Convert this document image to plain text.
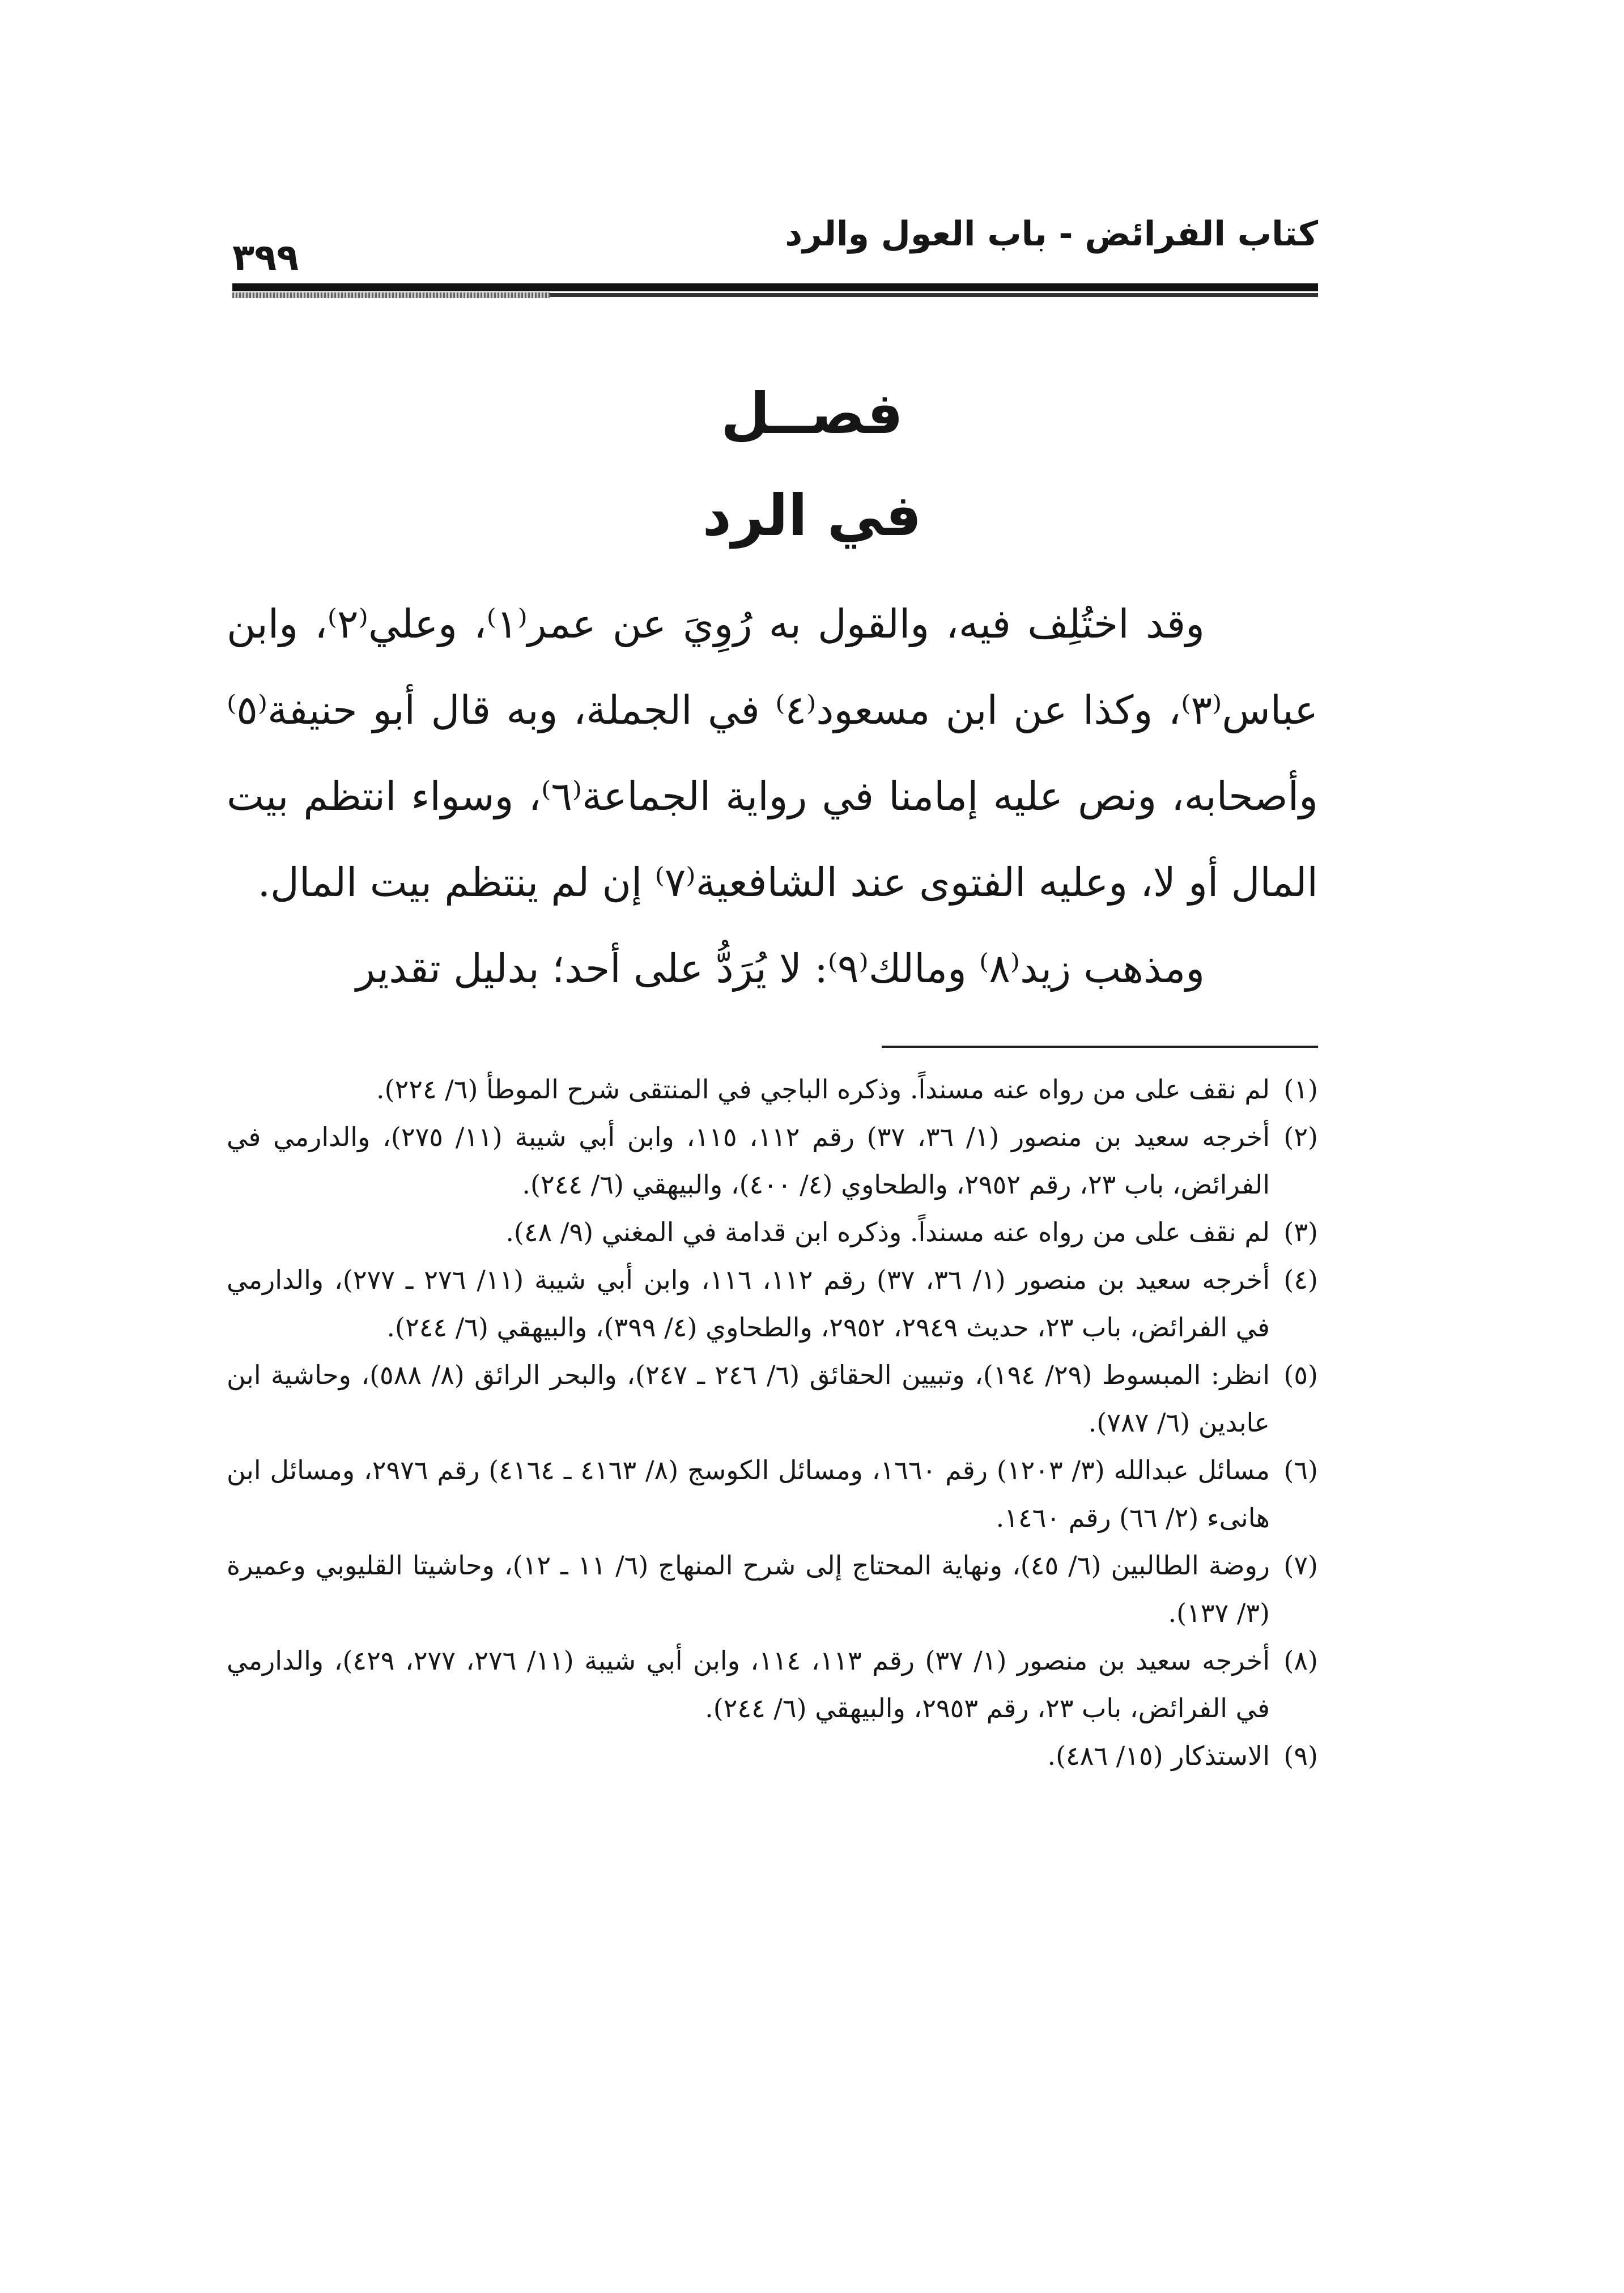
٣٩٩
كتاب الفرائض - باب العول والرد
فصــل
في الرد

وقد اختُلِف فيه، والقول به رُوِيَ عن عمر⁽١⁾، وعلي⁽٢⁾، وابن عباس⁽٣⁾، وكذا عن ابن مسعود⁽٤⁾ في الجملة، وبه قال أبو حنيفة⁽٥⁾ وأصحابه، ونص عليه إمامنا في رواية الجماعة⁽٦⁾، وسواء انتظم بيت المال أو لا، وعليه الفتوى عند الشافعية⁽٧⁾ إن لم ينتظم بيت المال.

ومذهب زيد⁽٨⁾ ومالك⁽٩⁾: لا يُرَدُّ على أحد؛ بدليل تقدير

(١)
لم نقف على من رواه عنه مسنداً. وذكره الباجي في المنتقى شرح الموطأ (٦/ ٢٢٤).

(٢)
أخرجه سعيد بن منصور (١/ ٣٦، ٣٧) رقم ١١٢، ١١٥، وابن أبي شيبة (١١/ ٢٧٥)، والدارمي في الفرائض، باب ٢٣، رقم ٢٩٥٢، والطحاوي (٤/ ٤٠٠)، والبيهقي (٦/ ٢٤٤).

(٣)
لم نقف على من رواه عنه مسنداً. وذكره ابن قدامة في المغني (٩/ ٤٨).

(٤)
أخرجه سعيد بن منصور (١/ ٣٦، ٣٧) رقم ١١٢، ١١٦، وابن أبي شيبة (١١/ ٢٧٦ ـ ٢٧٧)، والدارمي في الفرائض، باب ٢٣، حديث ٢٩٤٩، ٢٩٥٢، والطحاوي (٤/ ٣٩٩)، والبيهقي (٦/ ٢٤٤).

(٥)
انظر: المبسوط (٢٩/ ١٩٤)، وتبيين الحقائق (٦/ ٢٤٦ ـ ٢٤٧)، والبحر الرائق (٨/ ٥٨٨)، وحاشية ابن عابدين (٦/ ٧٨٧).

(٦)
مسائل عبدالله (٣/ ١٢٠٣) رقم ١٦٦٠، ومسائل الكوسج (٨/ ٤١٦٣ ـ ٤١٦٤) رقم ٢٩٧٦، ومسائل ابن هانىء (٢/ ٦٦) رقم ١٤٦٠.

(٧)
روضة الطالبين (٦/ ٤٥)، ونهاية المحتاج إلى شرح المنهاج (٦/ ١١ ـ ١٢)، وحاشيتا القليوبي وعميرة (٣/ ١٣٧).

(٨)
أخرجه سعيد بن منصور (١/ ٣٧) رقم ١١٣، ١١٤، وابن أبي شيبة (١١/ ٢٧٦، ٢٧٧، ٤٢٩)، والدارمي في الفرائض، باب ٢٣، رقم ٢٩٥٣، والبيهقي (٦/ ٢٤٤).

(٩)
الاستذكار (١٥/ ٤٨٦).
